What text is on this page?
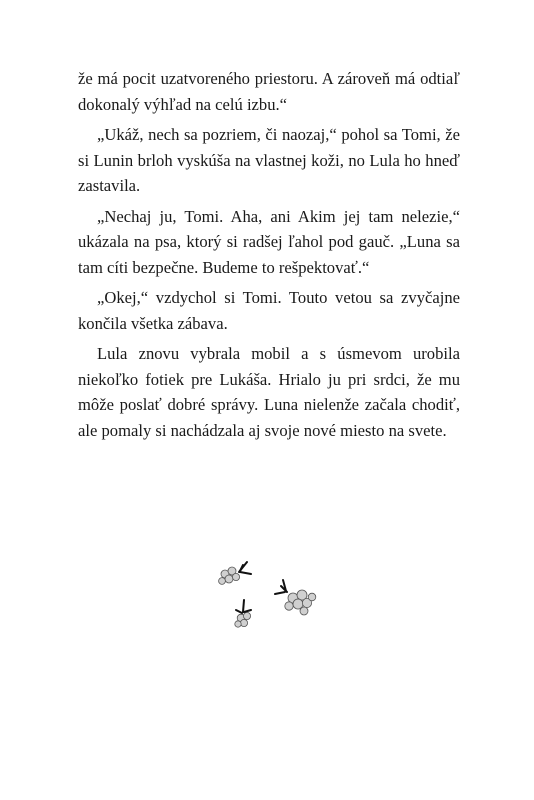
že má pocit uzatvoreného priestoru. A zároveň má odtiaľ dokonalý výhľad na celú izbu.“

„Ukáž, nech sa pozriem, či naozaj,“ pohol sa Tomi, že si Lunin brloh vyskúša na vlastnej koži, no Lula ho hneď zastavila.

„Nechaj ju, Tomi. Aha, ani Akim jej tam nelezie,“ ukázala na psa, ktorý si radšej ľahol pod gauč. „Luna sa tam cíti bezpečne. Budeme to rešpektovať.“

„Okej,“ vzdychol si Tomi. Touto vetou sa zvyčajne končila všetka zábava.

Lula znovu vybrala mobil a s úsmevom urobila niekoľko fotiek pre Lukáša. Hrialo ju pri srdci, že mu môže poslať dobré správy. Luna nielenže začala chodiť, ale pomaly si nachádzala aj svoje nové miesto na svete.
